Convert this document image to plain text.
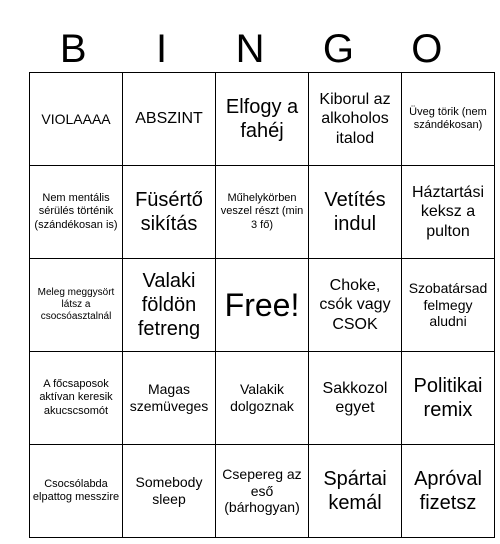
B	I	N	G	O
VIOLAAAA	ABSZINT	Elfogy a fahéj	Kiborul az alkoholos italod	Üveg törik (nem szándékosan)
Nem mentális sérülés történik (szándékosan is)	Füsértő sikítás	Műhelykörben veszel részt (min 3 fő)	Vetítés indul	Háztartási keksz a pulton
Meleg meggysört látsz a csocsóasztalnál	Valaki földön fetreng	Free!	Choke, csók vagy CSOK	Szobatársad felmegy aludni
A főcsaposok aktívan keresik akucscsomót	Magas szemüveges	Valakik dolgoznak	Sakkozol egyet	Politikai remix
Csocsólabda elpattog messzire	Somebody sleep	Csepereg az eső (bárhogyan)	Spártai kemál	Apróval fizetsz
